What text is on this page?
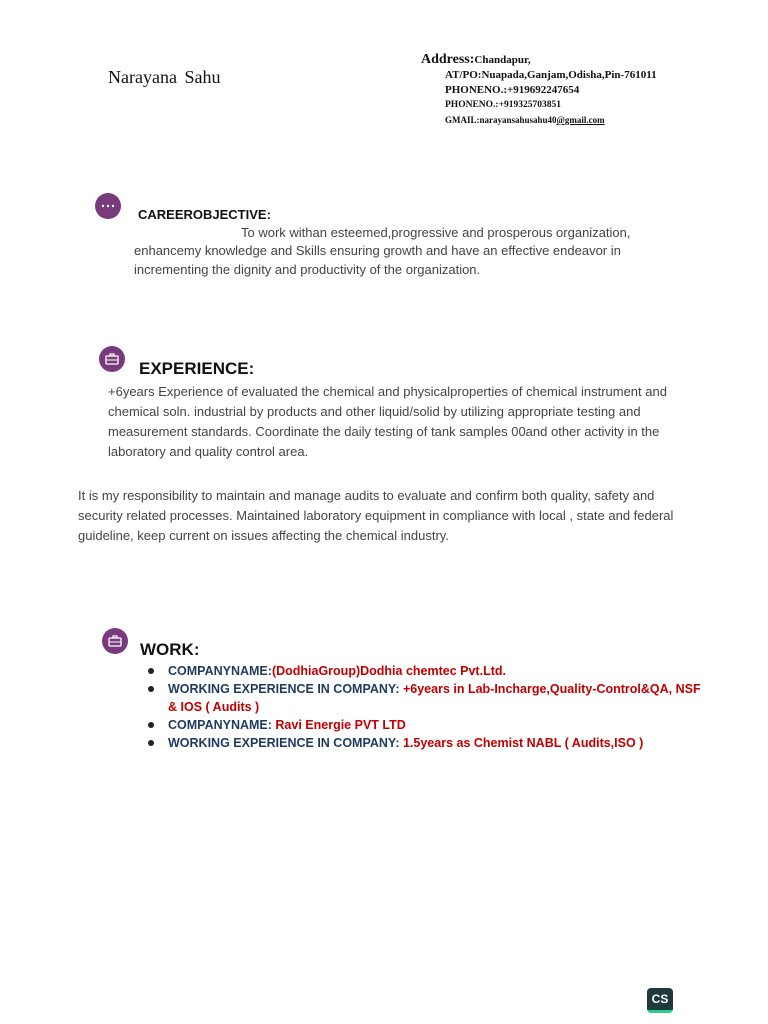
Narayana Sahu
Address:Chandapur,
AT/PO:Nuapada,Ganjam,Odisha,Pin-761011
PHONENO.:+919692247654
PHONENO.:+919325703851
GMAIL:narayansahusahu40@gmail.com
CAREEROBJECTIVE:
To work withan esteemed,progressive and prosperous organization,
enhancemy knowledge and Skills ensuring growth and have an effective endeavor in
incrementing the dignity and productivity of the organization.
EXPERIENCE:
+6years Experience of evaluated the chemical and physicalproperties of chemical instrument and chemical soln. industrial by products and other liquid/solid by utilizing appropriate testing and measurement standards. Coordinate the daily testing of tank samples 00and other activity in the laboratory and quality control area.
It is my responsibility to maintain and manage audits to evaluate and confirm both quality, safety and security related processes. Maintained laboratory equipment in compliance with local , state and federal guideline, keep current on issues affecting the chemical industry.
WORK:
COMPANYNAME:(DodhiaGroup)Dodhia chemtec Pvt.Ltd.
WORKING EXPERIENCE IN COMPANY: +6years in Lab-Incharge,Quality-Control&QA, NSF & IOS ( Audits )
COMPANYNAME: Ravi Energie PVT LTD
WORKING EXPERIENCE IN COMPANY: 1.5years as Chemist NABL ( Audits,ISO )
CS
